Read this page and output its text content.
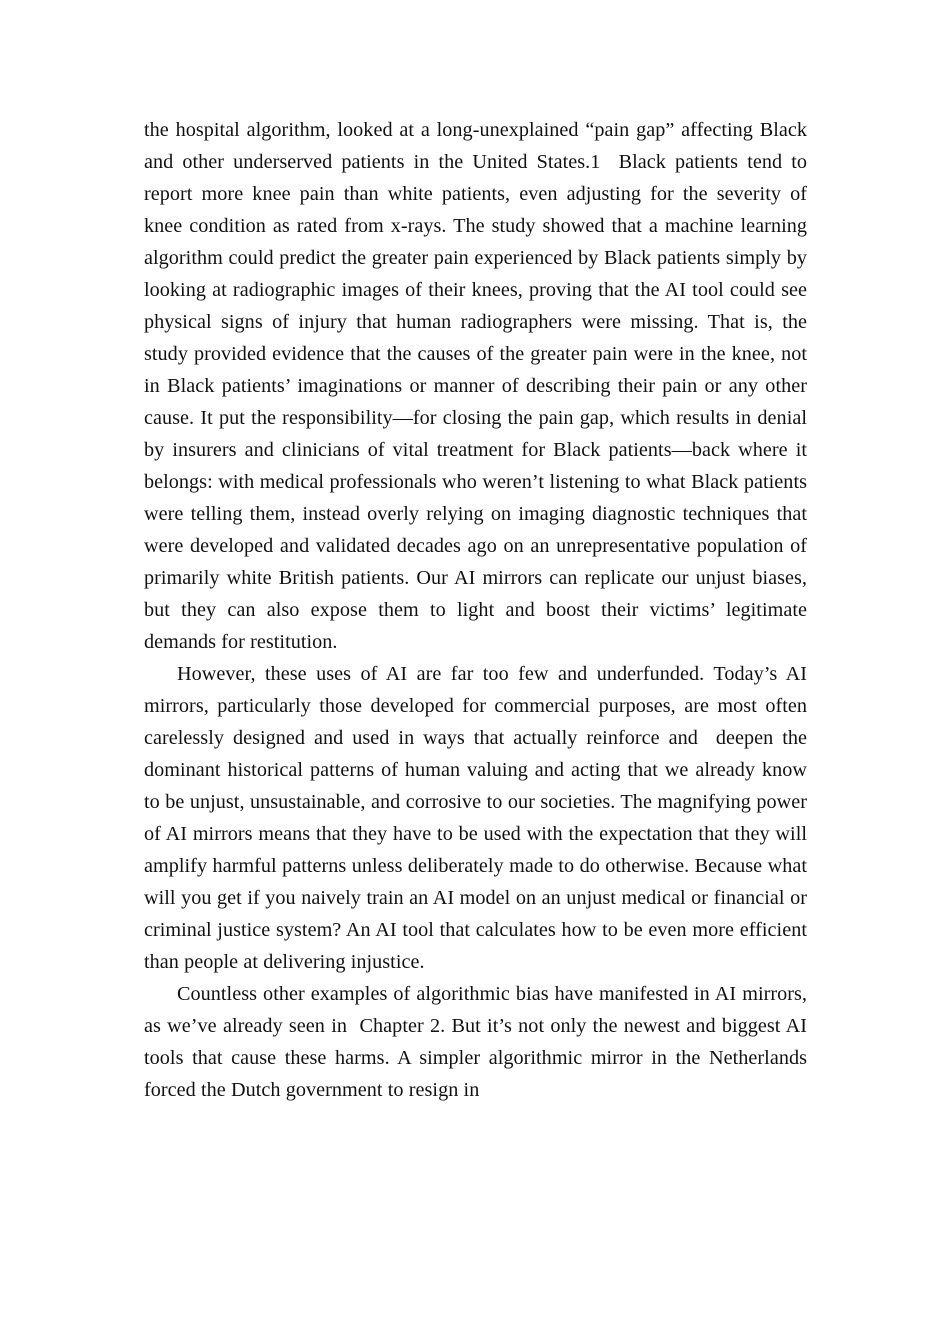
the hospital algorithm, looked at a long-unexplained “pain gap” affecting Black and other underserved patients in the United States.1  Black patients tend to report more knee pain than white patients, even adjusting for the severity of  knee condition as rated from x-rays. The study showed that a machine learning algorithm could predict the greater pain experienced by Black patients simply by looking at radiographic images of their knees, proving that the AI tool could see physical signs of injury that human radiographers were missing. That is, the study provided evidence that the causes of the greater pain were in the knee, not in Black patients’ imaginations or manner of describing their pain or any other cause. It put the responsibility—for closing the pain gap, which results in denial by insurers and clinicians of vital treatment for Black patients—back where it belongs: with medical professionals who weren’t listening to what Black patients were telling them, instead overly relying on imaging diagnostic techniques that were developed and validated decades ago on an unrepresentative population of primarily white British patients. Our AI mirrors can replicate our unjust biases, but they can also expose them to light and boost their victims’ legitimate demands for restitution.

However, these uses of AI are far too few and underfunded. Today’s AI mirrors, particularly those developed for commercial purposes, are most often carelessly designed and used in ways that actually reinforce and  deepen the dominant historical patterns of human valuing and acting that we already know to be unjust, unsustainable, and corrosive to our societies. The magnifying power of AI mirrors means that they have to be used with the expectation that they will amplify harmful patterns unless deliberately made to do otherwise. Because what will you get if you naively train an AI model on an unjust medical or financial or criminal justice system? An AI tool that calculates how to be even more efficient than people at delivering injustice.

Countless other examples of algorithmic bias have manifested in AI mirrors, as we’ve already seen in  Chapter 2. But it’s not only the newest and biggest AI tools that cause these harms. A simpler algorithmic mirror in the Netherlands forced the Dutch government to resign in
